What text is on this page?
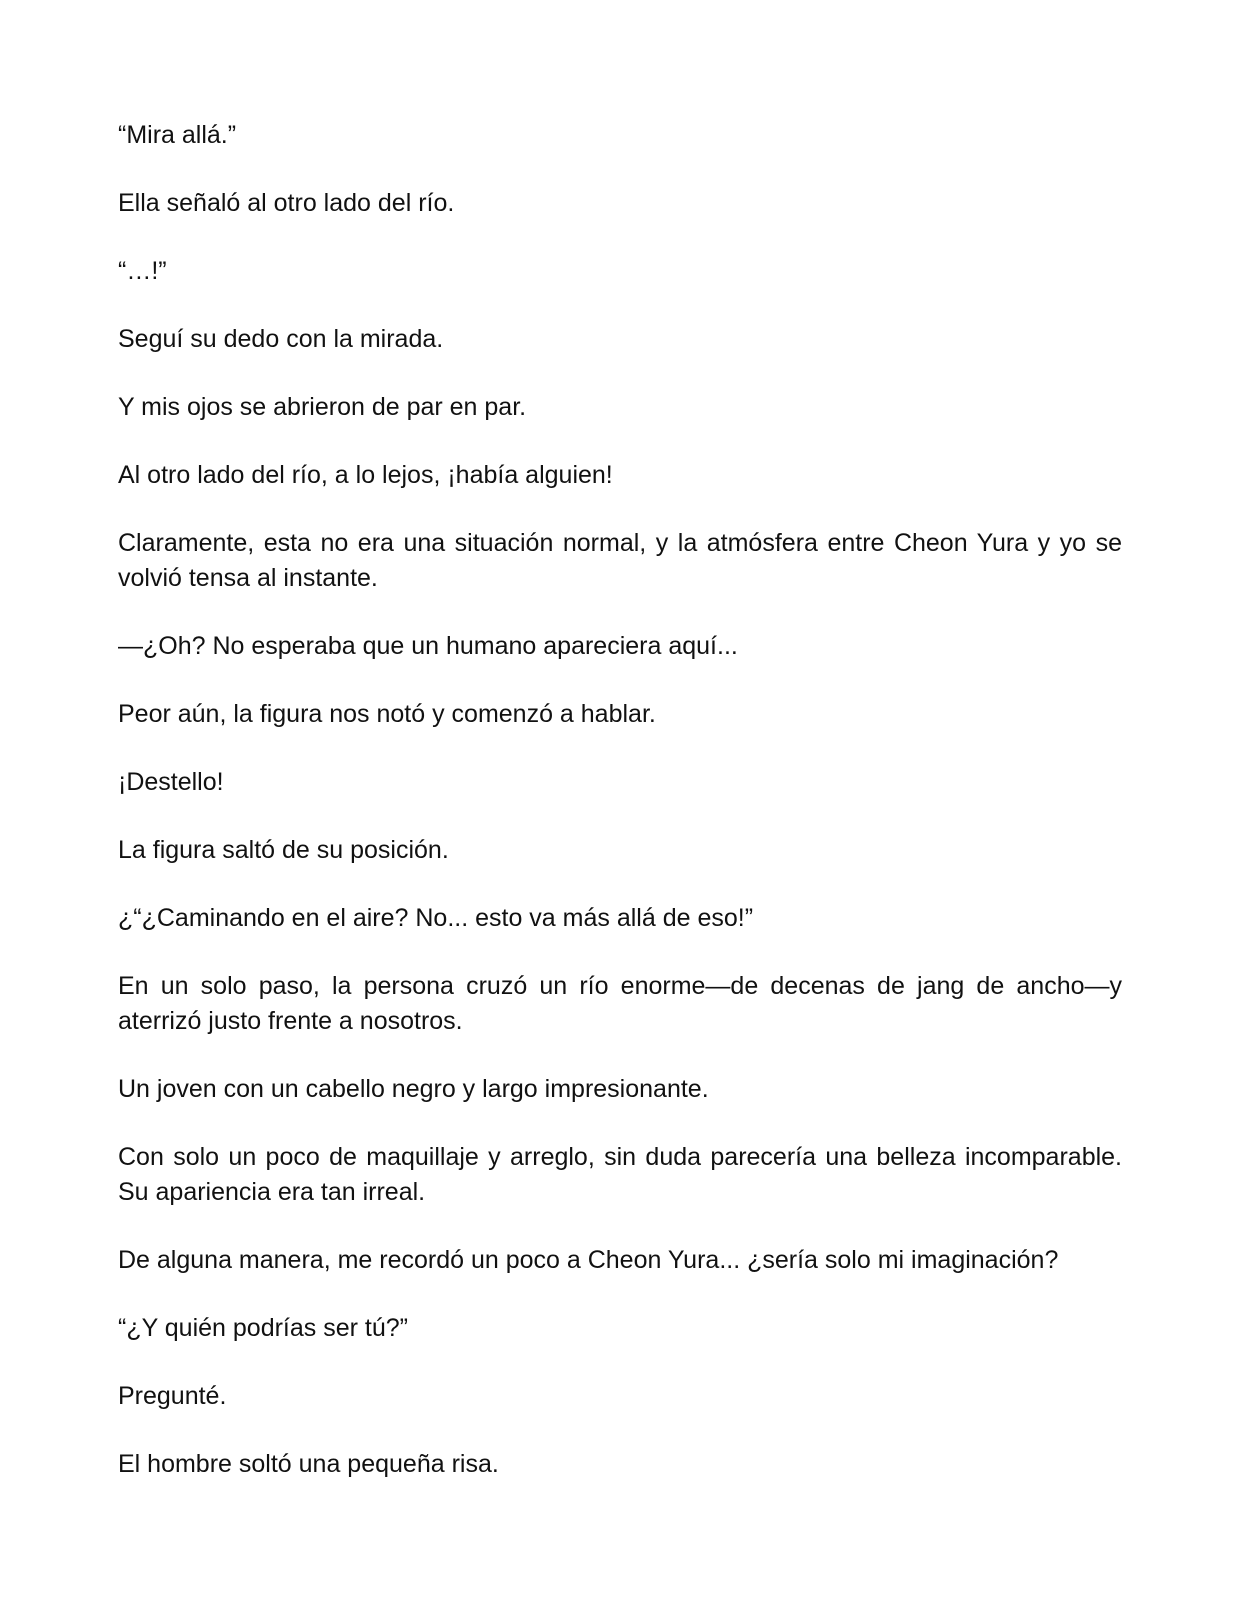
“Mira allá.”

Ella señaló al otro lado del río.

“…!”

Seguí su dedo con la mirada.

Y mis ojos se abrieron de par en par.

Al otro lado del río, a lo lejos, ¡había alguien!

Claramente, esta no era una situación normal, y la atmósfera entre Cheon Yura y yo se volvió tensa al instante.

—¿Oh? No esperaba que un humano apareciera aquí...

Peor aún, la figura nos notó y comenzó a hablar.

¡Destello!

La figura saltó de su posición.

¿“¿Caminando en el aire? No... esto va más allá de eso!”

En un solo paso, la persona cruzó un río enorme—de decenas de jang de ancho—y aterrizó justo frente a nosotros.

Un joven con un cabello negro y largo impresionante.

Con solo un poco de maquillaje y arreglo, sin duda parecería una belleza incomparable. Su apariencia era tan irreal.

De alguna manera, me recordó un poco a Cheon Yura... ¿sería solo mi imaginación?

“¿Y quién podrías ser tú?”

Pregunté.

El hombre soltó una pequeña risa.
